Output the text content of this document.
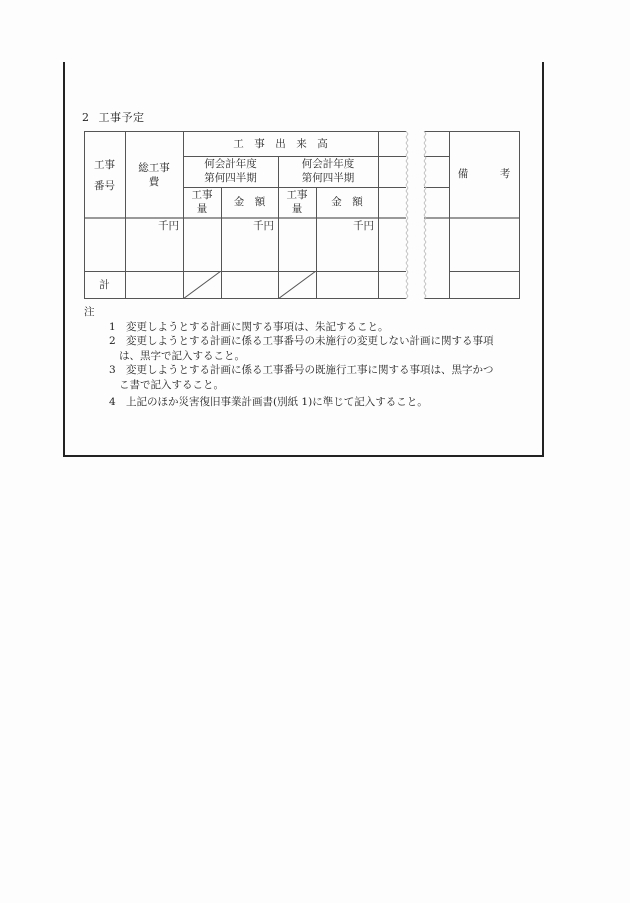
2 工事予定
工事
番号
総工事
費
工　事　出　来　高
何会計年度
第何四半期
何会計年度
第何四半期
工事
量
金　額
工事
量
金　額
備　　　考
千円	千円	千円
計
注
1 変更しようとする計画に関する事項は、朱記すること。
2 変更しようとする計画に係る工事番号の未施行の変更しない計画に関する事項
は、黒字で記入すること。
3 変更しようとする計画に係る工事番号の既施行工事に関する事項は、黒字かつ
こ書で記入すること。
4 上記のほか災害復旧事業計画書(別紙 1)に準じて記入すること。
